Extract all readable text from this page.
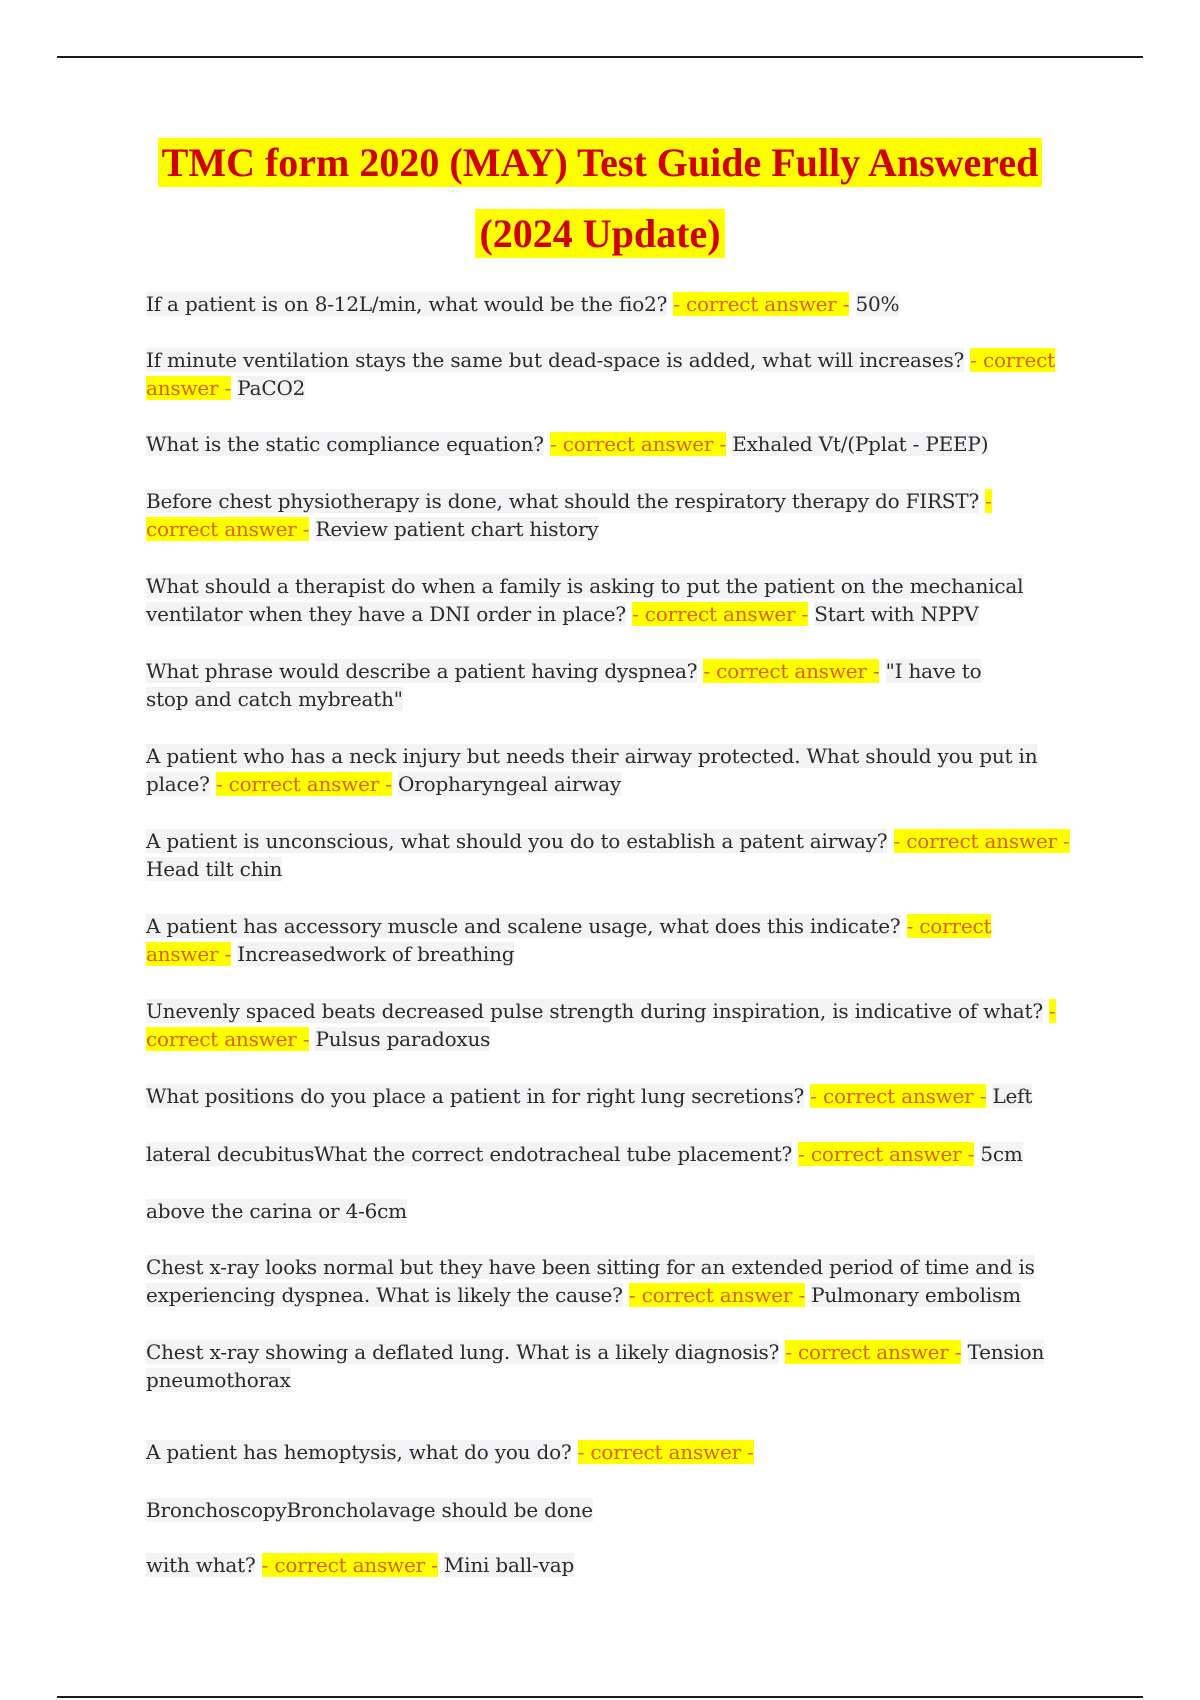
TMC form 2020 (MAY) Test Guide Fully Answered
(2024 Update)
If a patient is on 8-12L/min, what would be the fio2? - correct answer - 50%
If minute ventilation stays the same but dead-space is added, what will increases? - correct answer - PaCO2
What is the static compliance equation? - correct answer - Exhaled Vt/(Pplat - PEEP)
Before chest physiotherapy is done, what should the respiratory therapy do FIRST? - correct answer - Review patient chart history
What should a therapist do when a family is asking to put the patient on the mechanical ventilator when they have a DNI order in place? - correct answer - Start with NPPV
What phrase would describe a patient having dyspnea? - correct answer - "I have to stop and catch mybreath"
A patient who has a neck injury but needs their airway protected. What should you put in place? - correct answer - Oropharyngeal airway
A patient is unconscious, what should you do to establish a patent airway? - correct answer - Head tilt chin
A patient has accessory muscle and scalene usage, what does this indicate? - correct answer - Increasedwork of breathing
Unevenly spaced beats decreased pulse strength during inspiration, is indicative of what? - correct answer - Pulsus paradoxus
What positions do you place a patient in for right lung secretions? - correct answer - Left
lateral decubitusWhat the correct endotracheal tube placement? - correct answer - 5cm
above the carina or 4-6cm
Chest x-ray looks normal but they have been sitting for an extended period of time and is experiencing dyspnea. What is likely the cause? - correct answer - Pulmonary embolism
Chest x-ray showing a deflated lung. What is a likely diagnosis? - correct answer - Tension pneumothorax
A patient has hemoptysis, what do you do? - correct answer - BronchoscopyBroncholavage should be done
with what? - correct answer - Mini ball-vap
